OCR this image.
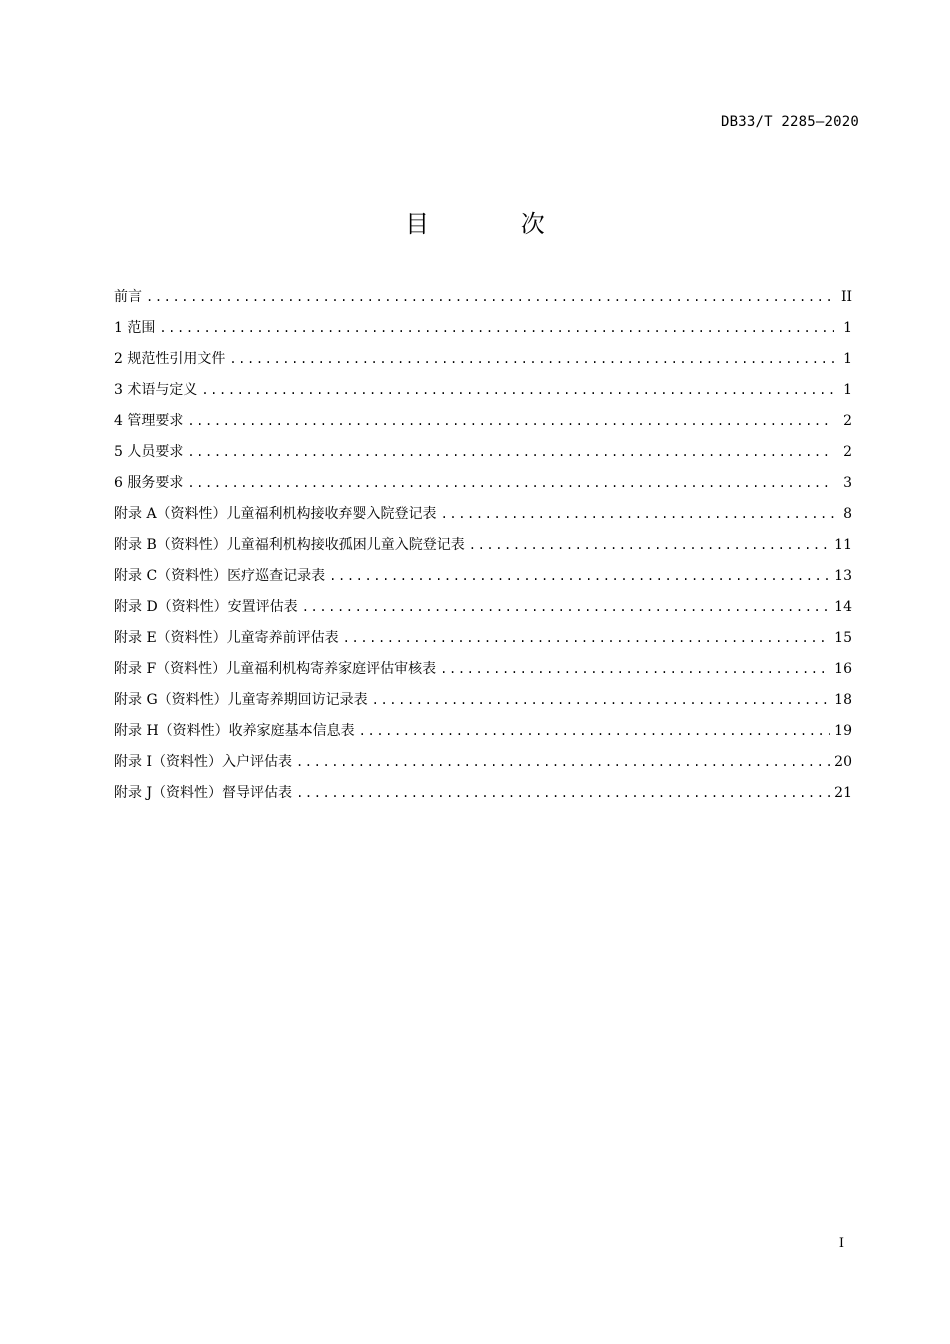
DB33/T 2285—2020
目 次
前言 .....	II
1 范围 .....	1
2 规范性引用文件 .....	1
3 术语与定义 .....	1
4 管理要求 .....	2
5 人员要求 .....	2
6 服务要求 .....	3
附录 A（资料性）儿童福利机构接收弃婴入院登记表 .....	8
附录 B（资料性）儿童福利机构接收孤困儿童入院登记表 .....	11
附录 C（资料性）医疗巡查记录表 .....	13
附录 D（资料性）安置评估表 .....	14
附录 E（资料性）儿童寄养前评估表 .....	15
附录 F（资料性）儿童福利机构寄养家庭评估审核表 .....	16
附录 G（资料性）儿童寄养期回访记录表 .....	18
附录 H（资料性）收养家庭基本信息表 .....	19
附录 I（资料性）入户评估表 .....	20
附录 J（资料性）督导评估表 .....	21
I
